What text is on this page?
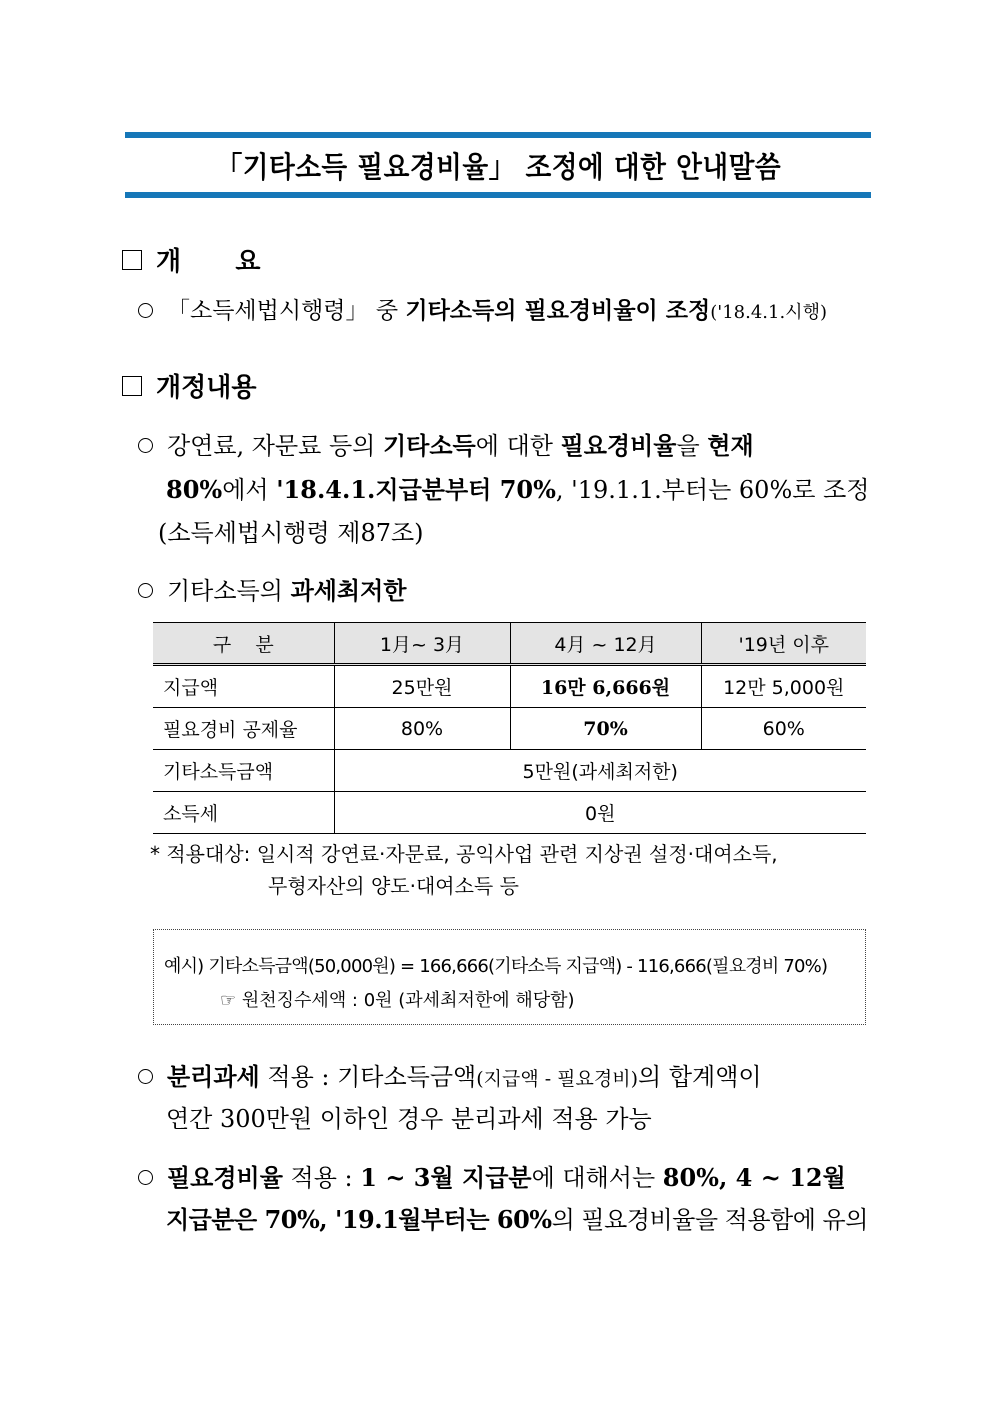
「기타소득 필요경비율」 조정에 대한 안내말씀
개      요
「소득세법시행령」 중 기타소득의 필요경비율이 조정('18.4.1.시행)
개정내용
강연료, 자문료 등의 기타소득에 대한 필요경비율을 현재
80%에서 '18.4.1.지급분부터 70%, '19.1.1.부터는 60%로 조정
(소득세법시행령 제87조)
기타소득의 과세최저한
구    분	1月~ 3月	4月 ~ 12月	'19년 이후
지급액	25만원	16만 6,666원	12만 5,000원
필요경비 공제율	80%	70%	60%
기타소득금액	5만원(과세최저한)		
소득세	0원		
* 적용대상: 일시적 강연료·자문료, 공익사업 관련 지상권 설정·대여소득,
무형자산의 양도·대여소득 등
예시) 기타소득금액(50,000원) = 166,666(기타소득 지급액) - 116,666(필요경비 70%)
☞ 원천징수세액 : 0원 (과세최저한에 해당함)
분리과세 적용 : 기타소득금액(지급액 - 필요경비)의 합계액이
연간 300만원 이하인 경우 분리과세 적용 가능
필요경비율 적용 : 1 ~ 3월 지급분에 대해서는 80%, 4 ~ 12월
지급분은 70%, '19.1월부터는 60%의 필요경비율을 적용함에 유의
